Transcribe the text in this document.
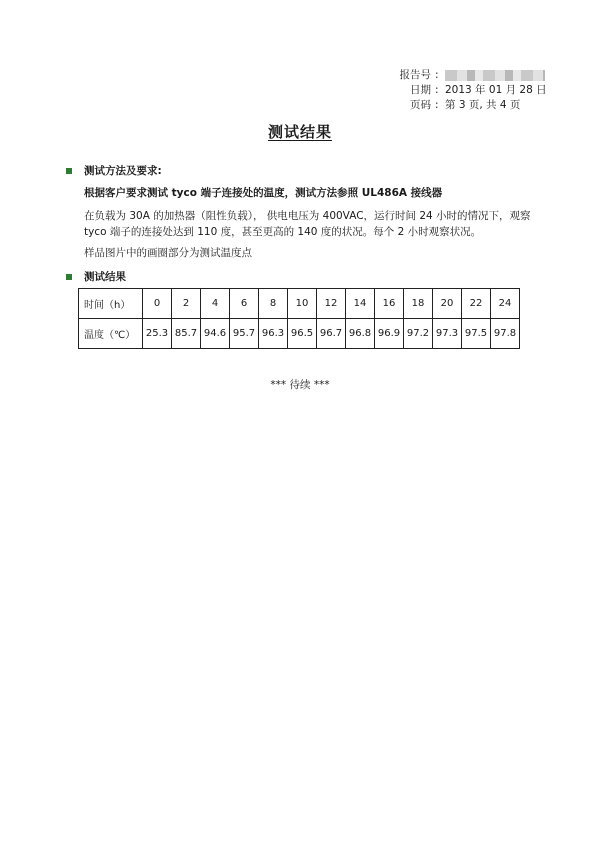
报告号 :
日期 : 2013 年 01 月 28 日
页码 : 第 3 页, 共 4 页
测试结果
测试方法及要求:
根据客户要求测试 tyco 端子连接处的温度，测试方法参照 UL486A 接线器
在负载为 30A 的加热器（阻性负载）， 供电电压为 400VAC，运行时间 24 小时的情况下，观察 tyco 端子的连接处达到 110 度，甚至更高的 140 度的状况。每个 2 小时观察状况。
样品图片中的画圈部分为测试温度点
测试结果
时间（h）	0	2	4	6	8	10	12	14	16	18	20	22	24
温度（℃）	25.3	85.7	94.6	95.7	96.3	96.5	96.7	96.8	96.9	97.2	97.3	97.5	97.8
*** 待续 ***
